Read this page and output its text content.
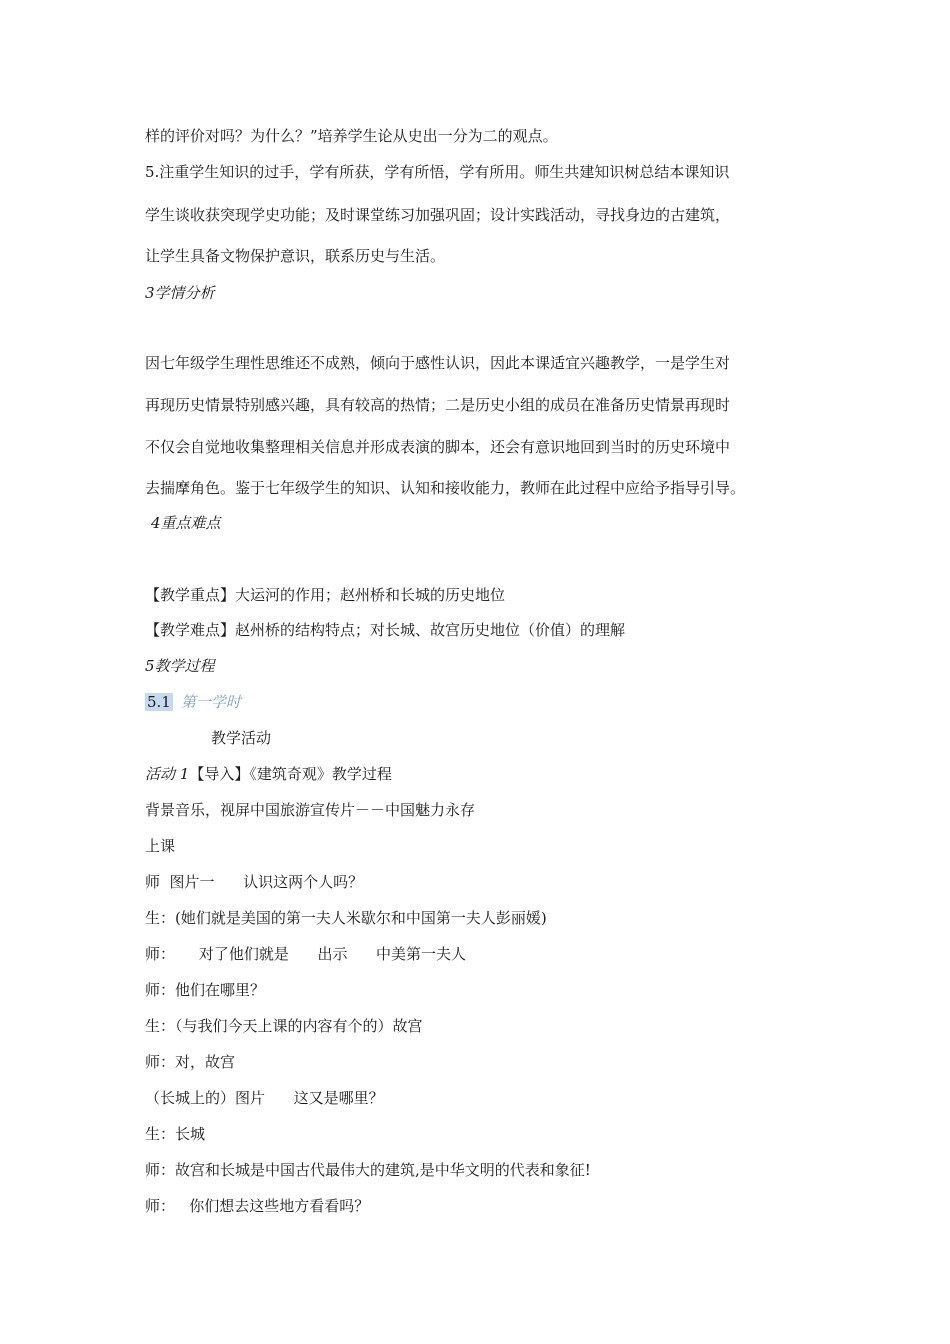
样的评价对吗？为什么？”培养学生论从史出一分为二的观点。
5.注重学生知识的过手，学有所获，学有所悟，学有所用。师生共建知识树总结本课知识
学生谈收获突现学史功能；及时课堂练习加强巩固；设计实践活动，寻找身边的古建筑，
让学生具备文物保护意识，联系历史与生活。
3学情分析
因七年级学生理性思维还不成熟，倾向于感性认识，因此本课适宜兴趣教学，一是学生对
再现历史情景特别感兴趣，具有较高的热情；二是历史小组的成员在准备历史情景再现时
不仅会自觉地收集整理相关信息并形成表演的脚本，还会有意识地回到当时的历史环境中
去揣摩角色。鉴于七年级学生的知识、认知和接收能力，教师在此过程中应给予指导引导。
4重点难点
【教学重点】大运河的作用；赵州桥和长城的历史地位
【教学难点】赵州桥的结构特点；对长城、故宫历史地位（价值）的理解
5教学过程
5.1 第一学时
教学活动
活动 1【导入】《建筑奇观》教学过程
背景音乐，视屏中国旅游宣传片－－中国魅力永存
上课
师  图片一      认识这两个人吗？
生：(她们就是美国的第一夫人米歇尔和中国第一夫人彭丽媛)
师：     对了他们就是      出示      中美第一夫人
师：他们在哪里？
生：（与我们今天上课的内容有个的）故宫
师：对，故宫
（长城上的）图片      这又是哪里？
生：长城
师：故宫和长城是中国古代最伟大的建筑,是中华文明的代表和象征!
师：   你们想去这些地方看看吗？
